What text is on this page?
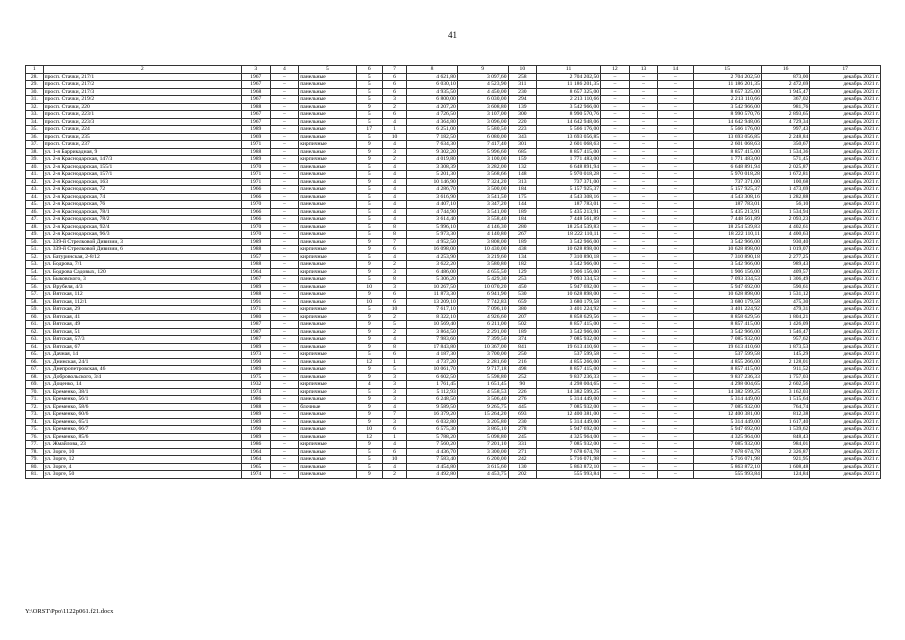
41
1	2	3	4	5	6	7	8	9	10	11	12	13	14	15	16	17
28.	просп. Стачки, 217/1	1967	–	панельные	5	6	4 621,80	3 097,60	258	2 704 202,50	–	–	–	2 704 202,50	873,00	декабрь 2021 г.
29.	просп. Стачки, 217/2	1967	–	панельные	5	6	6 030,10	4 523,90	311	11 186 201,35	–	–	–	11 186 201,35	2 472,69	декабрь 2021 г.
30.	просп. Стачки, 217/3	1968	–	панельные	5	6	4 935,50	4 450,00	230	8 657 325,00	–	–	–	8 657 325,00	1 945,47	декабрь 2021 г.
31.	просп. Стачки, 219/2	1967	–	панельные	5	3	6 800,00	6 030,00	294	2 213 110,66	–	–	–	2 213 110,66	367,02	декабрь 2021 г.
32.	просп. Стачки, 220	1988	–	панельные	9	2	4 207,20	3 608,80	139	3 542 966,00	–	–	–	3 542 966,00	981,76	декабрь 2021 г.
33.	просп. Стачки, 223/1	1967	–	панельные	5	6	4 726,50	3 107,00	300	8 990 570,76	–	–	–	8 990 570,76	2 893,65	декабрь 2021 г.
34.	просп. Стачки, 223/3	1967	–	панельные	5	4	4 364,80	3 096,00	220	14 642 948,06	–	–	–	14 642 948,06	4 729,34	декабрь 2021 г.
35.	просп. Стачки, 224	1989	–	панельные	17	1	6 251,00	5 580,50	223	5 566 176,00	–	–	–	5 566 176,00	997,43	декабрь 2021 г.
36.	просп. Стачки, 235	1969	–	панельные	5	10	7 182,50	6 080,00	343	13 693 056,85	–	–	–	13 693 056,85	2 248,84	декабрь 2021 г.
37.	просп. Стачки, 237	1971	–	кирпичные	9	4	7 634,30	7 417,40	301	2 601 068,63	–	–	–	2 601 068,63	350,67	декабрь 2021 г.
38.	ул. 1-я Баррикадная, 9	1988	–	панельные	9	3	9 302,20	5 996,60	685	8 857 415,00	–	–	–	8 857 415,00	1 534,36	декабрь 2021 г.
39.	ул. 2-я Краснодарская, 147/3	1989	–	кирпичные	9	2	4 019,80	3 100,00	159	1 771 483,00	–	–	–	1 771 483,00	571,45	декабрь 2021 г.
40.	ул. 2-я Краснодарская, 155/1	1970	–	панельные	5	4	3 308,39	3 282,00	132	6 648 891,94	–	–	–	6 648 891,94	2 025,87	декабрь 2021 г.
41.	ул. 2-я Краснодарская, 157/1	1971	–	панельные	5	4	5 201,30	3 568,66	148	5 970 018,28	–	–	–	5 970 018,28	1 672,81	декабрь 2021 г.
42.	ул. 2-я Краснодарская, 163	1971	–	панельные	9	4	10 146,90	7 324,20	313	737 371,00	–	–	–	737 371,00	100,68	декабрь 2021 г.
43.	ул. 2-я Краснодарская, 72	1966	–	панельные	5	4	4 286,70	3 500,00	184	5 157 925,37	–	–	–	5 157 925,37	1 473,69	декабрь 2021 г.
44.	ул. 2-я Краснодарская, 74	1966	–	панельные	5	4	3 616,90	3 541,50	175	4 543 308,16	–	–	–	4 543 308,16	1 282,88	декабрь 2021 г.
45.	ул. 2-я Краснодарская, 76	1970	–	панельные	5	4	4 407,10	3 347,20	144	187 783,01	–	–	–	187 783,01	56,10	декабрь 2021 г.
46.	ул. 2-я Краснодарская, 78/1	1966	–	панельные	5	4	4 744,90	3 541,00	189	5 435 213,91	–	–	–	5 435 213,91	1 534,94	декабрь 2021 г.
47.	ул. 2-я Краснодарская, 78/2	1966	–	панельные	5	4	3 614,40	3 558,40	184	7 448 561,89	–	–	–	7 448 561,89	2 093,23	декабрь 2021 г.
48.	ул. 2-я Краснодарская, 92/4	1970	–	панельные	5	8	5 996,10	4 146,30	280	18 254 539,83	–	–	–	18 254 539,83	4 402,61	декабрь 2021 г.
49.	ул. 2-я Краснодарская, 96/3	1970	–	панельные	5	8	5 973,30	4 140,80	267	18 222 110,11	–	–	–	18 222 110,11	4 400,63	декабрь 2021 г.
50.	ул. 339-й Стрелковой Дивизии, 3	1989	–	панельные	9	7	4 952,50	3 808,00	189	3 542 966,00	–	–	–	3 542 966,00	930,40	декабрь 2021 г.
51.	ул. 339-й Стрелковой Дивизии, 6	1988	–	кирпичные	9	6	16 098,00	10 430,00	438	10 628 898,00	–	–	–	10 628 898,00	1 019,07	декабрь 2021 г.
52.	ул. Батуринская, 2-8/12	1957	–	кирпичные	5	4	4 253,90	3 219,60	134	7 310 890,18	–	–	–	7 310 890,18	2 277,25	декабрь 2021 г.
53.	ул. Бодрова, 7/1	1988	–	панельные	9	2	3 622,20	3 580,80	182	3 542 966,00	–	–	–	3 542 966,00	989,43	декабрь 2021 г.
54.	ул. Бодрова Садовых, 120	1964	–	кирпичные	9	3	6 486,00	4 655,50	129	1 906 156,00	–	–	–	1 906 156,00	409,57	декабрь 2021 г.
55.	ул. Быковского, 3	1967	–	панельные	5	8	5 306,20	5 429,30	253	7 093 334,53	–	–	–	7 093 334,53	1 306,49	декабрь 2021 г.
56.	ул. Врубеля, 4/3	1989	–	панельные	10	3	10 267,50	10 070,20	450	5 947 692,00	–	–	–	5 947 692,00	590,61	декабрь 2021 г.
57.	ул. Вятская, 112	1988	–	панельные	9	6	11 873,30	6 941,90	530	10 628 898,00	–	–	–	10 628 898,00	1 531,12	декабрь 2021 г.
58.	ул. Вятская, 112/1	1991	–	панельные	10	6	13 209,10	7 742,83	659	3 680 179,58	–	–	–	3 680 179,58	475,30	декабрь 2021 г.
59.	ул. Вятская, 29	1971	–	кирпичные	5	10	7 617,10	7 096,10	380	3 401 224,92	–	–	–	3 401 224,92	479,31	декабрь 2021 г.
60.	ул. Вятская, 41	1980	–	кирпичные	9	2	8 322,10	4 926,60	207	8 858 629,56	–	–	–	8 858 629,56	1 804,21	декабрь 2021 г.
61.	ул. Вятская, 49	1987	–	панельные	9	5	10 569,40	6 211,00	502	8 857 415,00	–	–	–	8 857 415,00	1 426,09	декабрь 2021 г.
62.	ул. Вятская, 51	1987	–	панельные	9	2	3 864,50	2 291,00	189	3 542 966,00	–	–	–	3 542 966,00	1 546,47	декабрь 2021 г.
63.	ул. Вятская, 57/3	1987	–	панельные	9	4	7 983,60	7 399,50	374	7 085 932,00	–	–	–	7 085 932,00	957,62	декабрь 2021 г.
64.	ул. Вятская, 67	1989	–	панельные	9	8	17 843,80	10 367,00	841	19 613 410,60	–	–	–	19 613 410,60	1 873,53	декабрь 2021 г.
65.	ул. Дачная, 14	1973	–	кирпичные	5	6	4 187,30	3 700,00	250	537 599,58	–	–	–	537 599,58	145,29	декабрь 2021 г.
66.	ул. Днинская, 24/1	1990	–	панельные	12	1	4 737,20	2 281,60	216	4 855 266,00	–	–	–	4 855 266,00	2 128,01	декабрь 2021 г.
67.	ул. Днепропетровская, 46	1989	–	панельные	9	5	10 061,70	9 717,18	498	8 857 415,00	–	–	–	8 857 415,00	911,52	декабрь 2021 г.
68.	ул. Добровольского, 3/4	1975	–	панельные	9	3	6 602,50	5 598,80	252	9 837 236,33	–	–	–	9 837 236,33	1 757,03	декабрь 2021 г.
69.	ул. Доценко, 14	1932	–	кирпичные	4	3	1 761,45	1 651,45	90	4 298 004,65	–	–	–	4 298 004,65	2 602,56	декабрь 2021 г.
70.	ул. Еременко, 38/1	1974	–	кирпичные	5	3	5 112,93	4 558,53	226	14 382 599,25	–	–	–	14 382 599,25	3 162,03	декабрь 2021 г.
71.	ул. Еременко, 56/1	1986	–	панельные	9	3	6 248,50	3 506,40	276	5 314 449,00	–	–	–	5 314 449,00	1 515,64	декабрь 2021 г.
72.	ул. Еременко, 58/6	1988	–	блочные	9	4	9 589,50	9 265,75	445	7 085 932,00	–	–	–	7 085 932,00	764,74	декабрь 2021 г.
73.	ул. Еременко, 60/6	1989	–	панельные	9	7	16 379,20	15 264,20	693	12 400 381,00	–	–	–	12 400 381,00	812,38	декабрь 2021 г.
74.	ул. Еременко, 65/1	1989	–	панельные	9	3	6 032,80	3 205,80	230	5 314 449,00	–	–	–	5 314 449,00	1 617,40	декабрь 2021 г.
75.	ул. Еременко, 66/7	1990	–	панельные	10	6	6 575,30	3 865,10	278	5 947 692,00	–	–	–	5 947 692,00	1 539,62	декабрь 2021 г.
76.	ул. Еременко, 85/6	1989	–	панельные	12	1	5 788,20	5 098,80	245	4 325 964,00	–	–	–	4 325 964,00	848,43	декабрь 2021 г.
77.	ул. Жмайлова, 23	1986	–	кирпичные	9	4	7 560,20	7 201,10	331	7 085 932,00	–	–	–	7 085 932,00	984,01	декабрь 2021 г.
78.	ул. Зорге, 10	1964	–	панельные	5	6	4 436,70	3 300,00	271	7 678 674,78	–	–	–	7 678 674,78	2 326,87	декабрь 2021 г.
79.	ул. Зорге, 12	1964	–	панельные	5	10	7 583,40	6 200,00	242	5 716 071,98	–	–	–	5 716 071,98	921,95	декабрь 2021 г.
80.	ул. Зорге, 4	1965	–	панельные	5	4	4 454,80	3 615,60	130	5 863 872,10	–	–	–	5 863 872,10	1 608,48	декабрь 2021 г.
81.	ул. Зорге, 50	1974	–	панельные	9	2	4 492,80	4 453,75	202	555 993,84	–	–	–	555 993,84	124,84	декабрь 2021 г.
Y:\ORST\Ppo\1122p061.f21.docx
